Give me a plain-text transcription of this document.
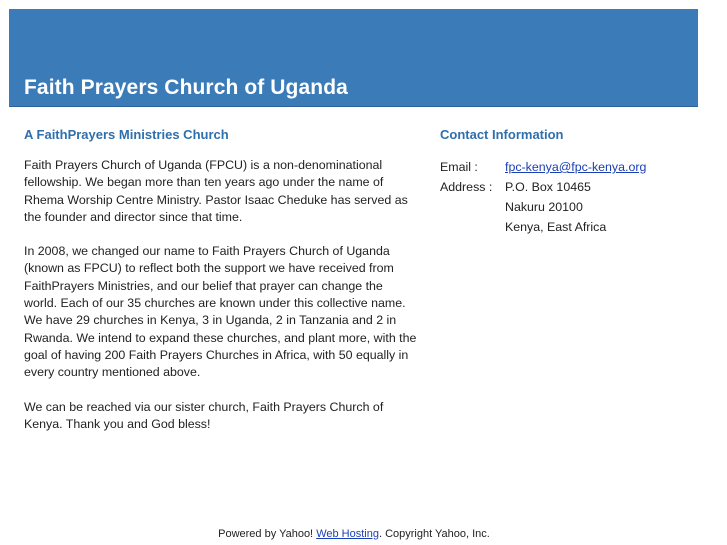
Faith Prayers Church of Uganda
A FaithPrayers Ministries Church

Faith Prayers Church of Uganda (FPCU) is a non-denominational fellowship. We began more than ten years ago under the name of Rhema Worship Centre Ministry. Pastor Isaac Cheduke has served as the founder and director since that time.

In 2008, we changed our name to Faith Prayers Church of Uganda (known as FPCU) to reflect both the support we have received from FaithPrayers Ministries, and our belief that prayer can change the world. Each of our 35 churches are known under this collective name. We have 29 churches in Kenya, 3 in Uganda, 2 in Tanzania and 2 in Rwanda. We intend to expand these churches, and plant more, with the goal of having 200 Faith Prayers Churches in Africa, with 50 equally in every country mentioned above.

We can be reached via our sister church, Faith Prayers Church of Kenya. Thank you and God bless!

Contact Information
Email :	fpc-kenya@fpc-kenya.org
Address :	P.O. Box 10465
	Nakuru 20100
	Kenya, East Africa
Powered by Yahoo! Web Hosting. Copyright Yahoo, Inc.
